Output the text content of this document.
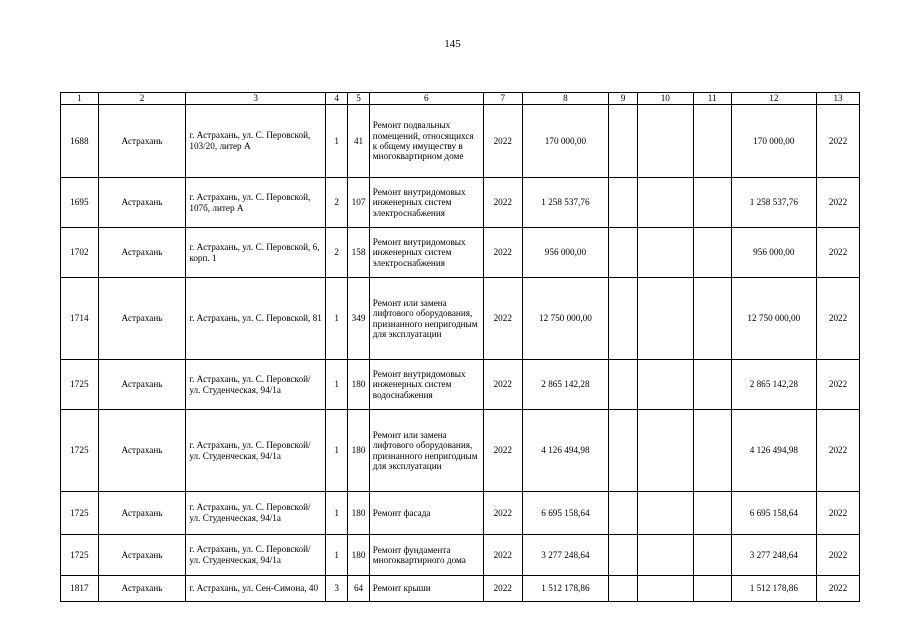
145
1	2	3	4	5	6	7	8	9	10	11	12	13
1688	Астрахань	г. Астрахань, ул. С. Перовской, 103/20, литер А	1	41	Ремонт подвальных помещений, относящихся к общему имуществу в многоквартирном доме	2022	170 000,00				170 000,00	2022
1695	Астрахань	г. Астрахань, ул. С. Перовской, 107б, литер А	2	107	Ремонт внутридомовых инженерных систем электроснабжения	2022	1 258 537,76				1 258 537,76	2022
1702	Астрахань	г. Астрахань, ул. С. Перовской, 6, корп. 1	2	158	Ремонт внутридомовых инженерных систем электроснабжения	2022	956 000,00				956 000,00	2022
1714	Астрахань	г. Астрахань, ул. С. Перовской, 81	1	349	Ремонт или замена лифтового оборудования, признанного непригодным для эксплуатации	2022	12 750 000,00				12 750 000,00	2022
1725	Астрахань	г. Астрахань, ул. С. Перовской/ ул. Студенческая, 94/1а	1	180	Ремонт внутридомовых инженерных систем водоснабжения	2022	2 865 142,28				2 865 142,28	2022
1725	Астрахань	г. Астрахань, ул. С. Перовской/ ул. Студенческая, 94/1а	1	180	Ремонт или замена лифтового оборудования, признанного непригодным для эксплуатации	2022	4 126 494,98				4 126 494,98	2022
1725	Астрахань	г. Астрахань, ул. С. Перовской/ ул. Студенческая, 94/1а	1	180	Ремонт фасада	2022	6 695 158,64				6 695 158,64	2022
1725	Астрахань	г. Астрахань, ул. С. Перовской/ ул. Студенческая, 94/1а	1	180	Ремонт фундамента многоквартирного дома	2022	3 277 248,64				3 277 248,64	2022
1817	Астрахань	г. Астрахань, ул. Сен-Симона, 40	3	64	Ремонт крыши	2022	1 512 178,86				1 512 178,86	2022
